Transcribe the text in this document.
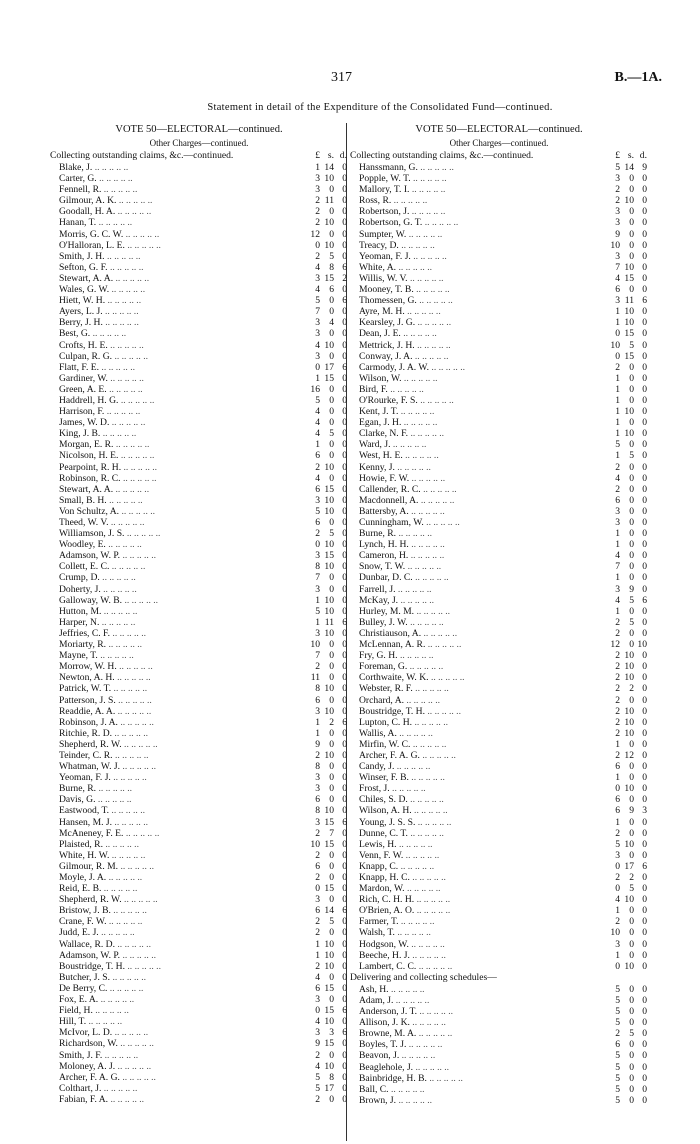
317	B.—1A.
Statement in detail of the Expenditure of the Consolidated Fund—continued.
VOTE 50—ELECTORAL—continued.
Other Charges—continued.
Collecting outstanding claims, &c.—continued.	£ s. d.
Blake, J. ..	1 14 0
Carter, G. ..	3 10 0
Fennell, R. ..	3 0 0
Gilmour, A. K. ..	2 11 0
Goodall, H. A. ..	2 0 0
Hanan, T. ..	2 10 0
Morris, G. C. W. ..	12 0 0
O'Halloran, L. E. ..	0 10 0
Smith, J. H. ..	2 5 0
Sefton, G. F. ..	4 8 6
Stewart, A. A. ..	3 15 2
Wales, G. W. ..	4 6 0
Hiett, W. H. ..	5 0 6
Ayers, L. J. ..	7 0 0
Berry, J. H. ..	3 4 0
Best, G. ..	3 0 0
Crofts, H. E. ..	4 10 0
Culpan, R. G. ..	3 0 0
Flatt, F. E. ..	0 17 6
Gardiner, W. ..	1 15 0
Green, A. E. ..	16 0 0
Haddrell, H. G. ..	5 0 0
Harrison, F. ..	4 0 0
James, W. D. ..	4 0 0
King, J. B. ..	4 5 0
Morgan, E. R. ..	1 0 0
Nicolson, H. E. ..	6 0 0
Pearpoint, R. H. ..	2 10 0
Robinson, R. C. ..	4 0 0
Stewart, A. A. ..	6 15 0
Small, B. H. ..	3 10 0
Von Schultz, A. ..	5 10 0
Theed, W. V. ..	6 0 0
Williamson, J. S. ..	2 5 0
Woodley, E. ..	0 10 0
Adamson, W. P. ..	3 15 0
Collett, E. C. ..	8 10 0
Crump, D. ..	7 0 0
Doherty, J. ..	3 0 0
Galloway, W. B. ..	1 10 0
Hutton, M. ..	5 10 0
Harper, N. ..	1 11 6
Jeffries, C. F. ..	3 10 0
Moriarty, R. ..	10 0 0
Mayne, T. ..	7 0 0
Morrow, W. H. ..	2 0 0
Newton, A. H. ..	11 0 0
Patrick, W. T. ..	8 10 0
Patterson, J. S. ..	6 0 0
Readdie, A. A. ..	3 10 0
Robinson, J. A. ..	1 2 6
Ritchie, R. D. ..	1 0 0
Shepherd, R. W. ..	9 0 0
Teinder, C. R. ..	2 10 0
Whatman, W. J. ..	8 0 0
Yeoman, F. J. ..	3 0 0
Burne, R. ..	3 0 0
Davis, G. ..	6 0 0
Eastwood, T. ..	8 10 0
Hansen, M. J. ..	3 15 6
McAneney, F. E. ..	2 7 0
Plaisted, R. ..	10 15 0
White, H. W. ..	2 0 0
Gilmour, R. M. ..	6 0 0
Moyle, J. A. ..	2 0 0
Reid, E. B. ..	0 15 0
Shepherd, R. W. ..	3 0 0
Bristow, J. B. ..	6 14 6
Crane, F. W. ..	2 5 0
Judd, E. J. ..	2 0 0
Wallace, R. D. ..	1 10 0
Adamson, W. P. ..	1 10 0
Boustridge, T. H. ..	2 10 0
Butcher, J. S. ..	4 0 0
De Berry, C. ..	6 15 0
Fox, E. A. ..	3 0 0
Field, H. ..	0 15 6
Hill, T. ..	4 10 0
McIvor, L. D. ..	3 3 6
Richardson, W. ..	9 15 0
Smith, J. F. ..	2 0 0
Moloney, A. J. ..	4 10 0
Archer, F. A. G. ..	5 8 0
Colthart, J. ..	5 17 0
Fabian, F. A. ..	2 0 0
VOTE 50—ELECTORAL—continued.
Other Charges—continued.
Collecting outstanding claims, &c.—continued.	£ s. d.
Hanssmann, G. ..	5 14 9
Popple, W. T. ..	3 0 0
Mallory, T. I. ..	2 0 0
Ross, R. ..	2 10 0
Robertson, J. ..	3 0 0
Robertson, G. T. ..	3 0 0
Sumpter, W. ..	9 0 0
Treacy, D. ..	10 0 0
Yeoman, F. J. ..	3 0 0
White, A. ..	7 10 0
Willis, W. V. ..	4 15 0
Mooney, T. B. ..	6 0 0
Thomessen, G. ..	3 11 6
Ayre, M. H. ..	1 10 0
Kearsley, J. G. ..	1 10 0
Dean, J. E. ..	0 15 0
Mettrick, J. H. ..	10 5 0
Conway, J. A. ..	0 15 0
Carmody, J. A. W. ..	2 0 0
Wilson, W. ..	1 0 0
Bird, F. ..	1 0 0
O'Rourke, F. S. ..	1 0 0
Kent, J. T. ..	1 10 0
Egan, J. H. ..	1 0 0
Clarke, N. F. ..	1 10 0
Ward, J. ..	5 0 0
West, H. E. ..	1 5 0
Kenny, J. ..	2 0 0
Howie, F. W. ..	4 0 0
Callender, R. C. ..	2 0 0
Macdonnell, A. ..	6 0 0
Battersby, A. ..	3 0 0
Cunningham, W. ..	3 0 0
Burne, R. ..	1 0 0
Lynch, H. H. ..	1 0 0
Cameron, H. ..	4 0 0
Snow, T. W. ..	7 0 0
Dunbar, D. C. ..	1 0 0
Farrell, J. ..	3 9 0
McKay, J. ..	4 5 6
Hurley, M. M. ..	1 0 0
Bulley, J. W. ..	2 5 0
Christiauson, A. ..	2 0 0
McLennan, A. R. ..	12 0 10
Fry, G. H. ..	2 10 0
Foreman, G. ..	2 10 0
Corthwaite, W. K. ..	2 10 0
Webster, R. F. ..	2 2 0
Orchard, A. ..	2 0 0
Boustridge, T. H. ..	2 10 0
Lupton, C. H. ..	2 10 0
Wallis, A. ..	2 10 0
Mirfin, W. C. ..	1 0 0
Archer, F. A. G. ..	2 12 0
Candy, J. ..	6 0 0
Winser, F. B. ..	1 0 0
Frost, J. ..	0 10 0
Chiles, S. D. ..	6 0 0
Wilson, A. H. ..	6 9 3
Young, J. S. S. ..	1 0 0
Dunne, C. T. ..	2 0 0
Lewis, H. ..	5 10 0
Venn, F. W. ..	3 0 0
Knapp, C. ..	0 17 6
Knapp, H. C. ..	2 2 0
Mardon, W. ..	0 5 0
Rich, C. H. H. ..	4 10 0
O'Brien, A. O. ..	1 0 0
Farmer, T. ..	2 0 0
Walsh, T. ..	10 0 0
Hodgson, W. ..	3 0 0
Beeche, H. J. ..	1 0 0
Lambert, C. C. ..	0 10 0
Delivering and collecting schedules—
Ash, H. ..	5 0 0
Adam, J. ..	5 0 0
Anderson, J. T. ..	5 0 0
Allison, J. K. ..	5 0 0
Browne, M. A. ..	2 5 0
Boyles, T. J. ..	6 0 0
Beavon, J. ..	5 0 0
Beaglehole, J. ..	5 0 0
Bainbridge, H. B. ..	5 0 0
Ball, C. ..	5 0 0
Brown, J. ..	5 0 0
